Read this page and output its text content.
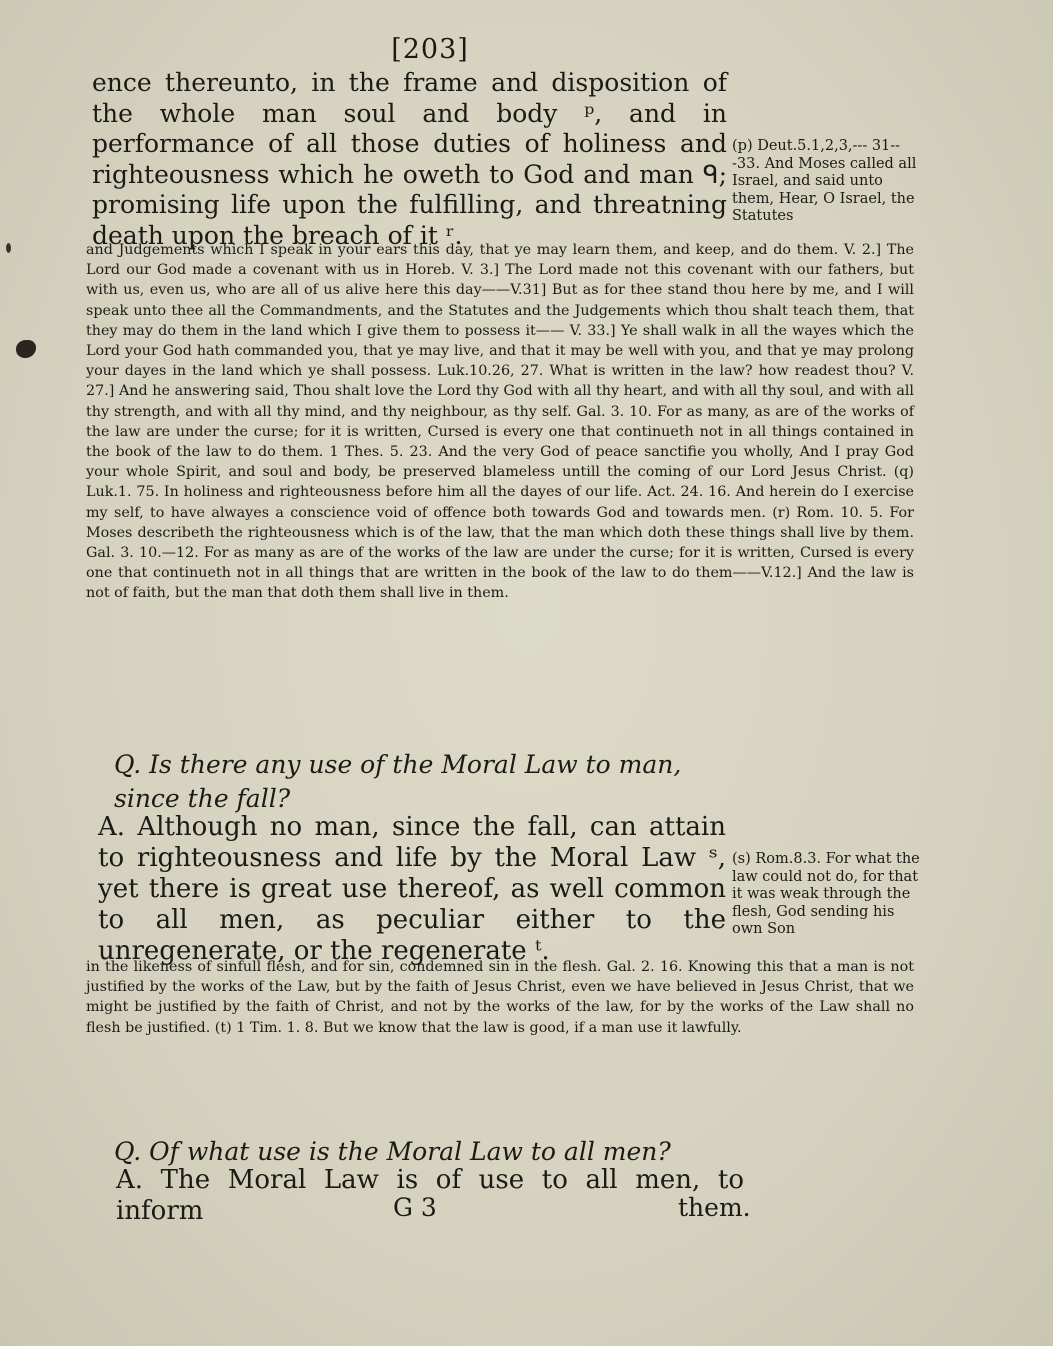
[203]
ence thereunto, in the frame and disposition of the whole man soul and body ᵖ, and in performance of all those duties of holiness and righteousness which he oweth to God and man ᑫ; promising life upon the fulfilling, and threatning death upon the breach of it ʳ.
(p) Deut.5.1,2,3,--- 31---33. And Moses called all Israel, and said unto them, Hear, O Israel, the Statutes
and Judgements which I speak in your ears this day, that ye may learn them, and keep, and do them. V. 2.] The Lord our God made a covenant with us in Horeb. V. 3.] The Lord made not this covenant with our fathers, but with us, even us, who are all of us alive here this day——V.31] But as for thee stand thou here by me, and I will speak unto thee all the Commandments, and the Statutes and the Judgements which thou shalt teach them, that they may do them in the land which I give them to possess it—— V. 33.] Ye shall walk in all the wayes which the Lord your God hath commanded you, that ye may live, and that it may be well with you, and that ye may prolong your dayes in the land which ye shall possess. Luk.10.26, 27. What is written in the law? how readest thou? V. 27.] And he answering said, Thou shalt love the Lord thy God with all thy heart, and with all thy soul, and with all thy strength, and with all thy mind, and thy neighbour, as thy self. Gal. 3. 10. For as many, as are of the works of the law are under the curse; for it is written, Cursed is every one that continueth not in all things contained in the book of the law to do them. 1 Thes. 5. 23. And the very God of peace sanctifie you wholly, And I pray God your whole Spirit, and soul and body, be preserved blameless untill the coming of our Lord Jesus Christ. (q) Luk.1. 75. In holiness and righteousness before him all the dayes of our life. Act. 24. 16. And herein do I exercise my self, to have alwayes a conscience void of offence both towards God and towards men. (r) Rom. 10. 5. For Moses describeth the righteousness which is of the law, that the man which doth these things shall live by them. Gal. 3. 10.—12. For as many as are of the works of the law are under the curse; for it is written, Cursed is every one that continueth not in all things that are written in the book of the law to do them——V.12.] And the law is not of faith, but the man that doth them shall live in them.
Q. Is there any use of the Moral Law to man, since the fall?
A. Although no man, since the fall, can attain to righteousness and life by the Moral Law ˢ, yet there is great use thereof, as well common to all men, as peculiar either to the unregenerate, or the regenerate ᵗ.
(s) Rom.8.3. For what the law could not do, for that it was weak through the flesh, God sending his own Son
in the likeness of sinfull flesh, and for sin, condemned sin in the flesh. Gal. 2. 16. Knowing this that a man is not justified by the works of the Law, but by the faith of Jesus Christ, even we have believed in Jesus Christ, that we might be justified by the faith of Christ, and not by the works of the law, for by the works of the Law shall no flesh be justified. (t) 1 Tim. 1. 8. But we know that the law is good, if a man use it lawfully.
Q. Of what use is the Moral Law to all men?
A. The Moral Law is of use to all men, to inform	G 3	them.
